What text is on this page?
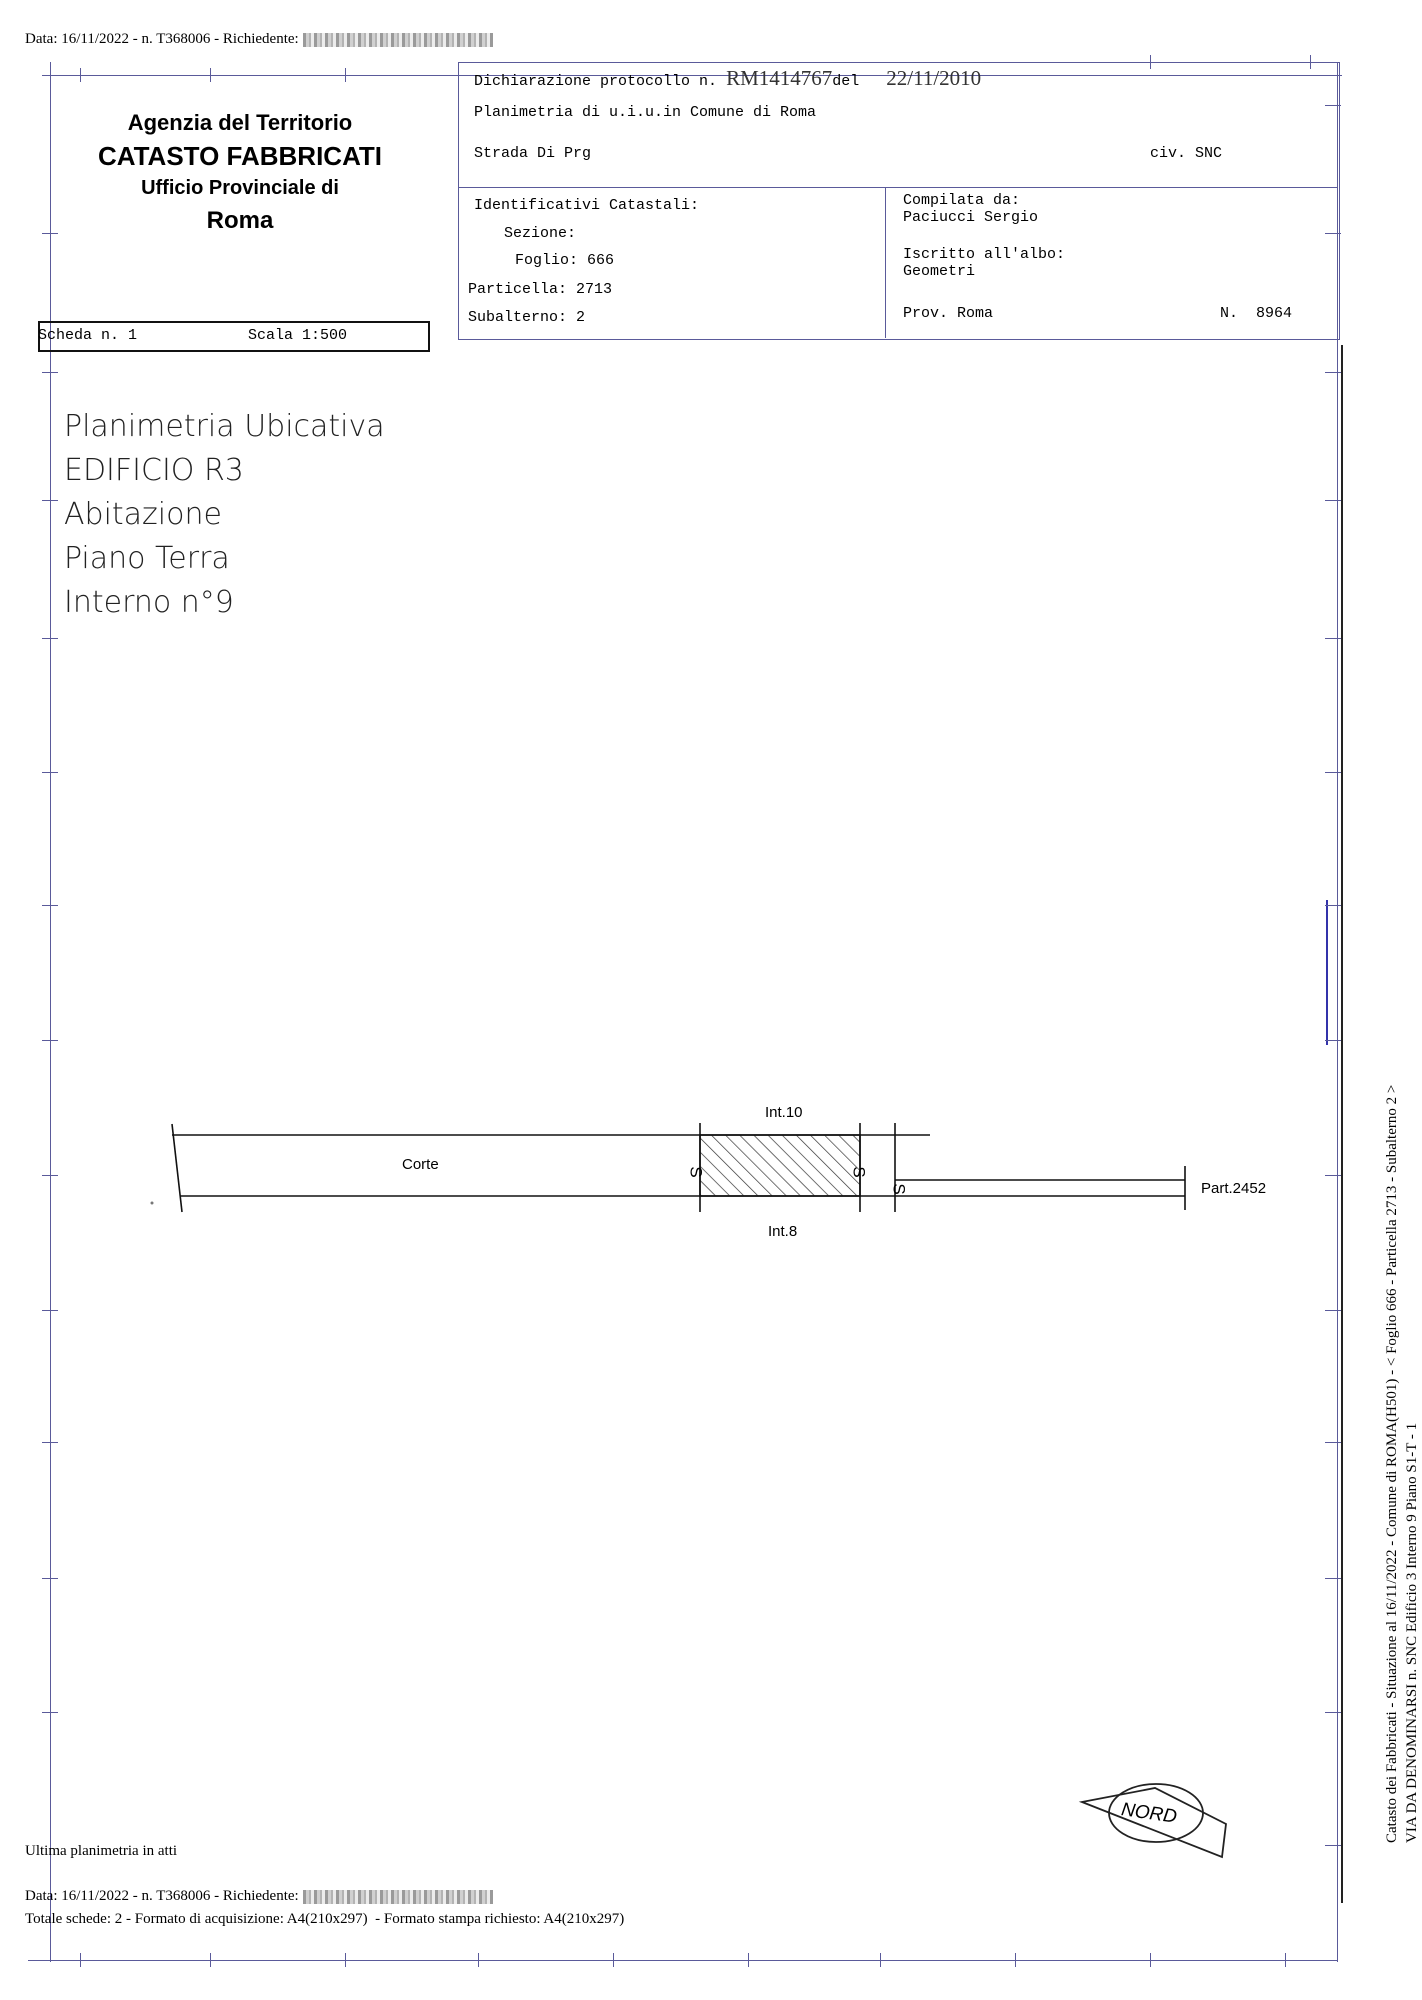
Data: 16/11/2022 - n. T368006 - Richiedente:
Agenzia del Territorio
CATASTO FABBRICATI
Ufficio Provinciale di
Roma
Dichiarazione protocollo n. RM1414767del 22/11/2010
Planimetria di u.i.u.in Comune di Roma
Strada Di Prg	civ. SNC
Identificativi Catastali:
Sezione:
Foglio: 666
Particella: 2713
Subalterno: 2
Compilata da:
Paciucci Sergio
Iscritto all'albo:
Geometri
Prov. Roma	N.  8964
Scheda n. 1	Scala 1:500
Planimetria Ubicativa
EDIFICIO R3
Abitazione
Piano Terra
Interno n°9
Int.10
Corte
Int.8
Part.2452
S	S
S
NORD	Catasto dei Fabbricati - Situazione al 16/11/2022 - Comune di ROMA(H501) - < Foglio 666 - Particella 2713 - Subalterno 2 > VIA DA DENOMINARSI n. SNC Edificio 3 Interno 9 Piano S1-T - 1
Ultima planimetria in atti
Data: 16/11/2022 - n. T368006 - Richiedente:
Totale schede: 2 - Formato di acquisizione: A4(210x297)  - Formato stampa richiesto: A4(210x297)
